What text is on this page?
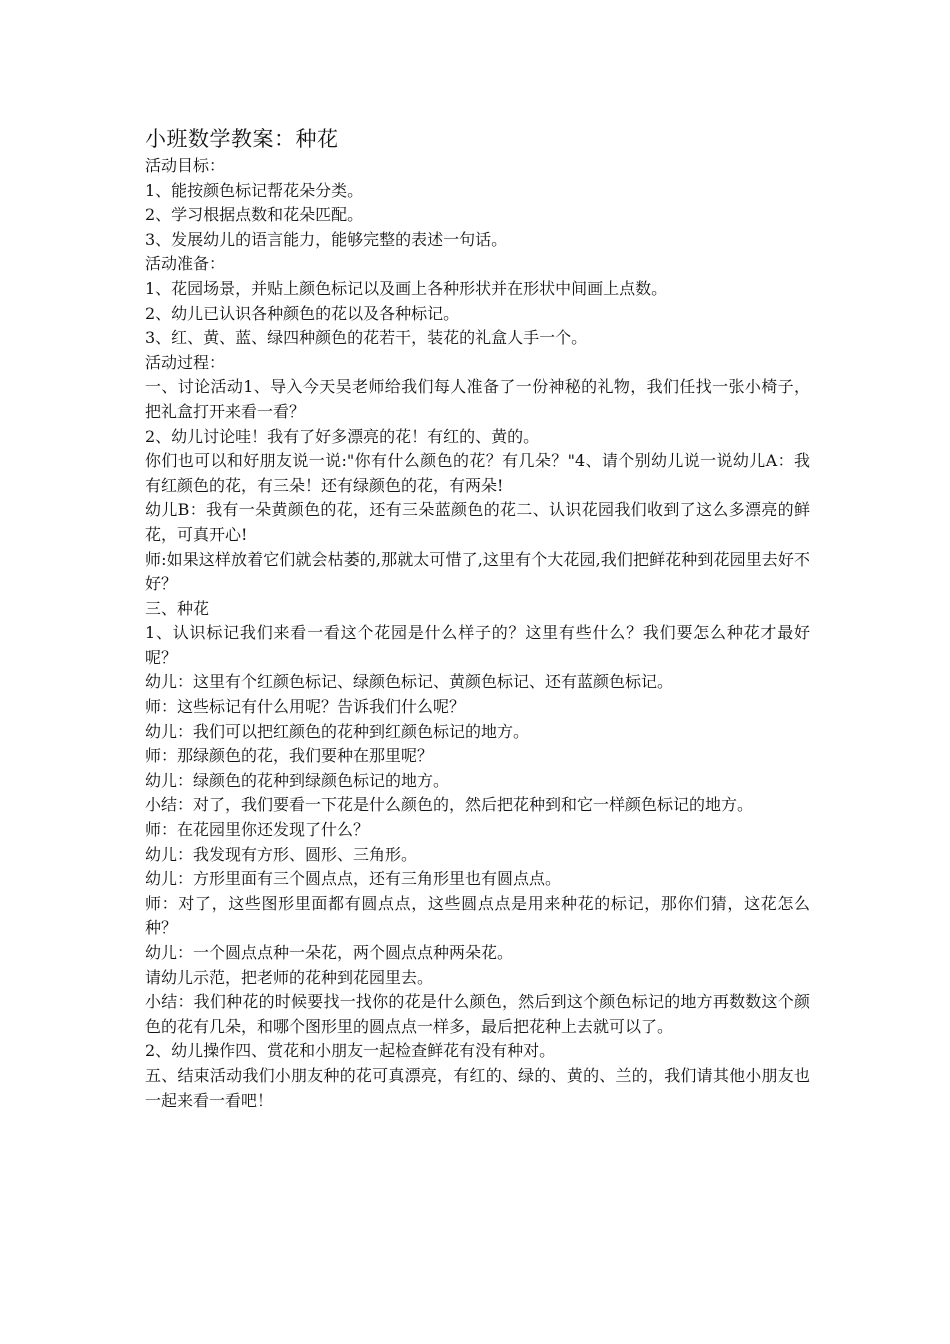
小班数学教案：种花

活动目标：

1、能按颜色标记帮花朵分类。

2、学习根据点数和花朵匹配。

3、发展幼儿的语言能力，能够完整的表述一句话。

活动准备：

1、花园场景，并贴上颜色标记以及画上各种形状并在形状中间画上点数。

2、幼儿已认识各种颜色的花以及各种标记。

3、红、黄、蓝、绿四种颜色的花若干，装花的礼盒人手一个。

活动过程：

一、讨论活动1、导入今天吴老师给我们每人准备了一份神秘的礼物，我们任找一张小椅子，把礼盒打开来看一看？

2、幼儿讨论哇！我有了好多漂亮的花！有红的、黄的。

你们也可以和好朋友说一说:"你有什么颜色的花？有几朵？"4、请个别幼儿说一说幼儿A：我有红颜色的花，有三朵！还有绿颜色的花，有两朵!

幼儿B：我有一朵黄颜色的花，还有三朵蓝颜色的花二、认识花园我们收到了这么多漂亮的鲜花，可真开心!

师:如果这样放着它们就会枯萎的,那就太可惜了,这里有个大花园,我们把鲜花种到花园里去好不好？

三、种花

1、认识标记我们来看一看这个花园是什么样子的？这里有些什么？我们要怎么种花才最好呢？

幼儿：这里有个红颜色标记、绿颜色标记、黄颜色标记、还有蓝颜色标记。

师：这些标记有什么用呢？告诉我们什么呢？

幼儿：我们可以把红颜色的花种到红颜色标记的地方。

师：那绿颜色的花，我们要种在那里呢？

幼儿：绿颜色的花种到绿颜色标记的地方。

小结：对了，我们要看一下花是什么颜色的，然后把花种到和它一样颜色标记的地方。

师：在花园里你还发现了什么？

幼儿：我发现有方形、圆形、三角形。

幼儿：方形里面有三个圆点点，还有三角形里也有圆点点。

师：对了，这些图形里面都有圆点点，这些圆点点是用来种花的标记，那你们猜，这花怎么种？

幼儿：一个圆点点种一朵花，两个圆点点种两朵花。

请幼儿示范，把老师的花种到花园里去。

小结：我们种花的时候要找一找你的花是什么颜色，然后到这个颜色标记的地方再数数这个颜色的花有几朵，和哪个图形里的圆点点一样多，最后把花种上去就可以了。

2、幼儿操作四、赏花和小朋友一起检查鲜花有没有种对。

五、结束活动我们小朋友种的花可真漂亮，有红的、绿的、黄的、兰的，我们请其他小朋友也一起来看一看吧！
